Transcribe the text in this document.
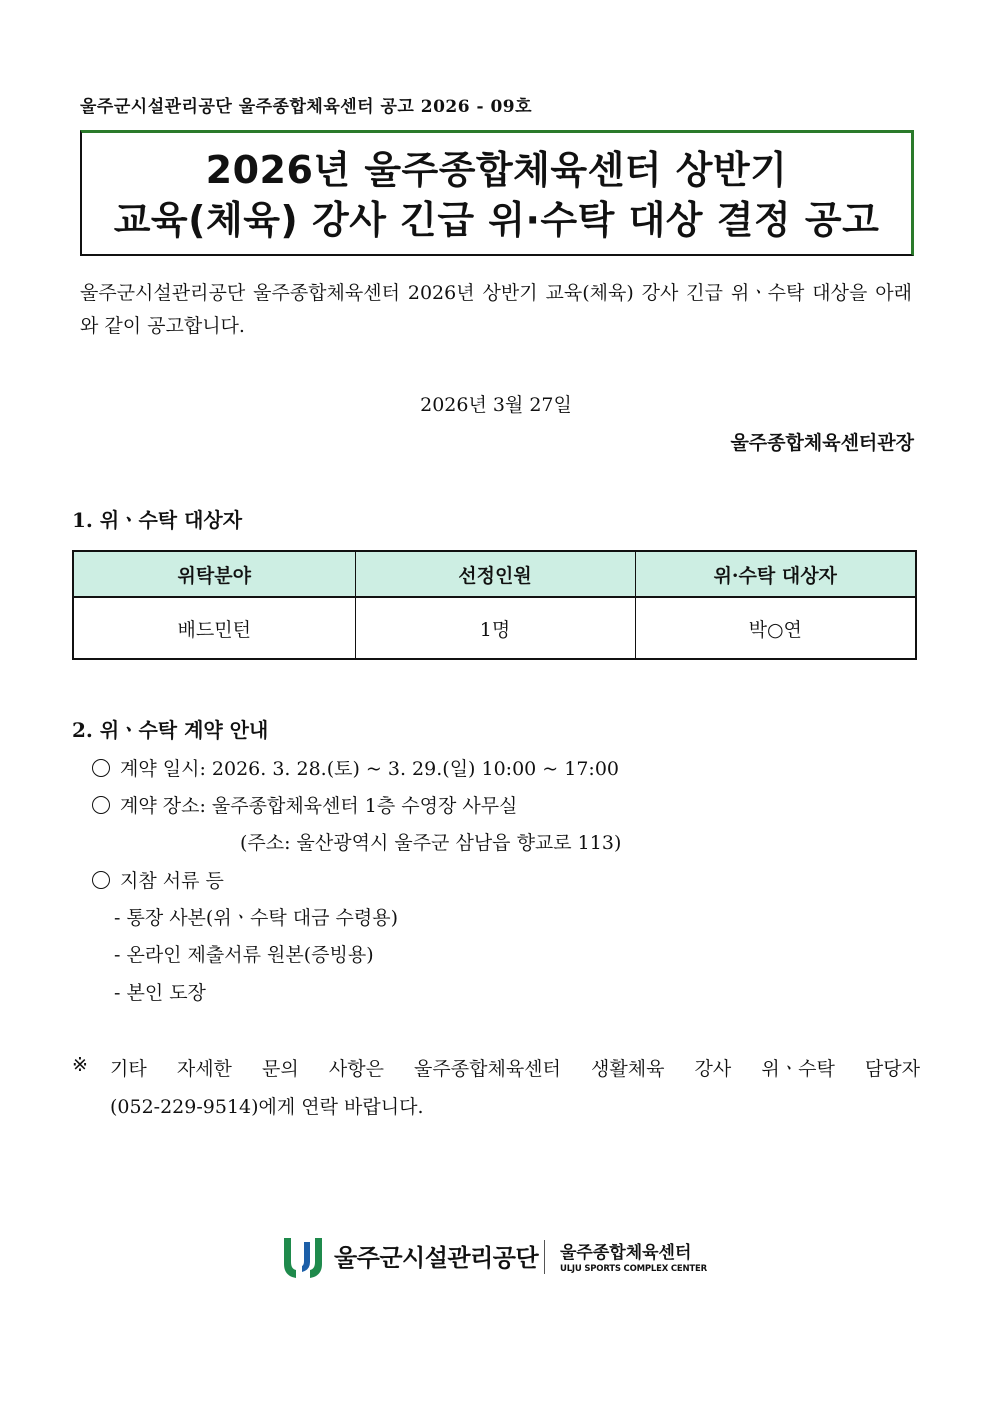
울주군시설관리공단 울주종합체육센터 공고 2026 - 09호
2026년 울주종합체육센터 상반기
교육(체육) 강사 긴급 위·수탁 대상 결정 공고
울주군시설관리공단 울주종합체육센터 2026년 상반기 교육(체육) 강사 긴급 위ㆍ수탁 대상을 아래와 같이 공고합니다.
2026년 3월 27일
울주종합체육센터관장
1. 위ㆍ수탁 대상자
위탁분야	선정인원	위·수탁 대상자
배드민턴	1명	박○연
2. 위ㆍ수탁 계약 안내
계약 일시: 2026. 3. 28.(토) ~ 3. 29.(일) 10:00 ~ 17:00
계약 장소: 울주종합체육센터 1층 수영장 사무실
(주소: 울산광역시 울주군 삼남읍 향교로 113)
지참 서류 등
- 통장 사본(위ㆍ수탁 대금 수령용)
- 온라인 제출서류 원본(증빙용)
- 본인 도장
※ 기타 자세한 문의 사항은 울주종합체육센터 생활체육 강사 위ㆍ수탁 담당자
(052-229-9514)에게 연락 바랍니다.
울주군시설관리공단 울주종합체육센터
ULJU SPORTS COMPLEX CENTER
